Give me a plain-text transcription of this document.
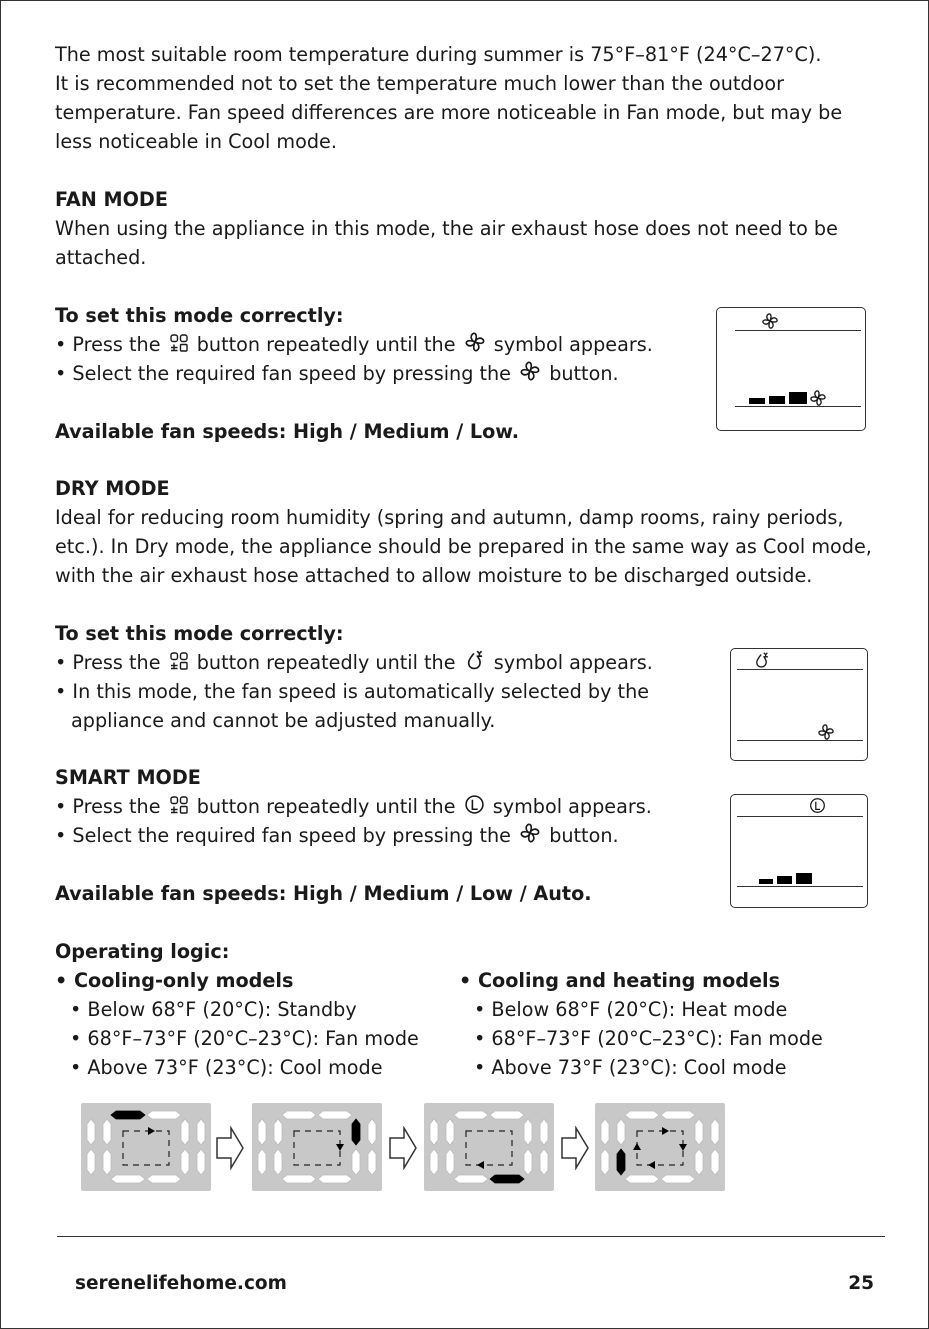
The most suitable room temperature during summer is 75°F–81°F (24°C–27°C).
It is recommended not to set the temperature much lower than the outdoor
temperature. Fan speed differences are more noticeable in Fan mode, but may be
less noticeable in Cool mode.
FAN MODE
When using the appliance in this mode, the air exhaust hose does not need to be
attached.
To set this mode correctly:
• Press the button repeatedly until the symbol appears.
• Select the required fan speed by pressing the button.
Available fan speeds: High / Medium / Low.
DRY MODE
Ideal for reducing room humidity (spring and autumn, damp rooms, rainy periods,
etc.). In Dry mode, the appliance should be prepared in the same way as Cool mode,
with the air exhaust hose attached to allow moisture to be discharged outside.
To set this mode correctly:
• Press the button repeatedly until the symbol appears.
• In this mode, the fan speed is automatically selected by the
appliance and cannot be adjusted manually.
SMART MODE
• Press the button repeatedly until the symbol appears.
• Select the required fan speed by pressing the button.
Available fan speeds: High / Medium / Low / Auto.
Operating logic:
• Cooling-only models
• Below 68°F (20°C): Standby
• 68°F–73°F (20°C–23°C): Fan mode
• Above 73°F (23°C): Cool mode
• Cooling and heating models
• Below 68°F (20°C): Heat mode
• 68°F–73°F (20°C–23°C): Fan mode
• Above 73°F (23°C): Cool mode
serenelifehome.com	25
